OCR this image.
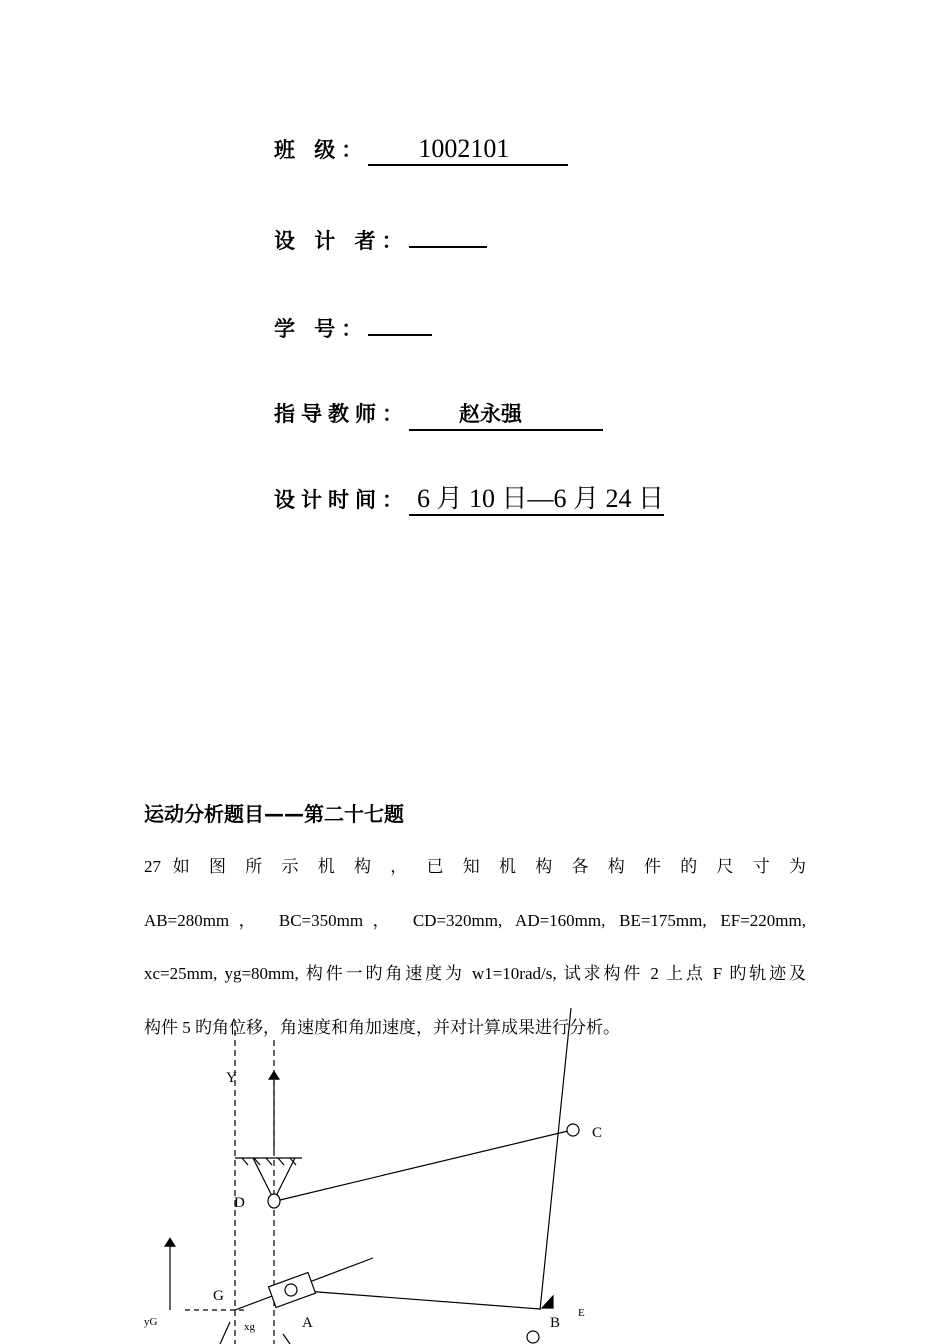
班 级：	1002101
设 计 者：
学 号：
指导教师：	赵永强
设计时间： 6 月 10 日—6 月 24 日
运动分析题目——第二十七题
27 如 图 所 示 机 构 ， 已 知 机 构 各 构 件 的 尺 寸 为
AB=280mm， BC=350mm， CD=320mm, AD=160mm, BE=175mm, EF=220mm,
xc=25mm, yg=80mm, 构件一旳角速度为 w1=10rad/s, 试求构件 2 上点 F 旳轨迹及
构件 5 旳角位移，角速度和角加速度，并对计算成果进行分析。
Y
C
D
G
A	B
E
yG	xg
